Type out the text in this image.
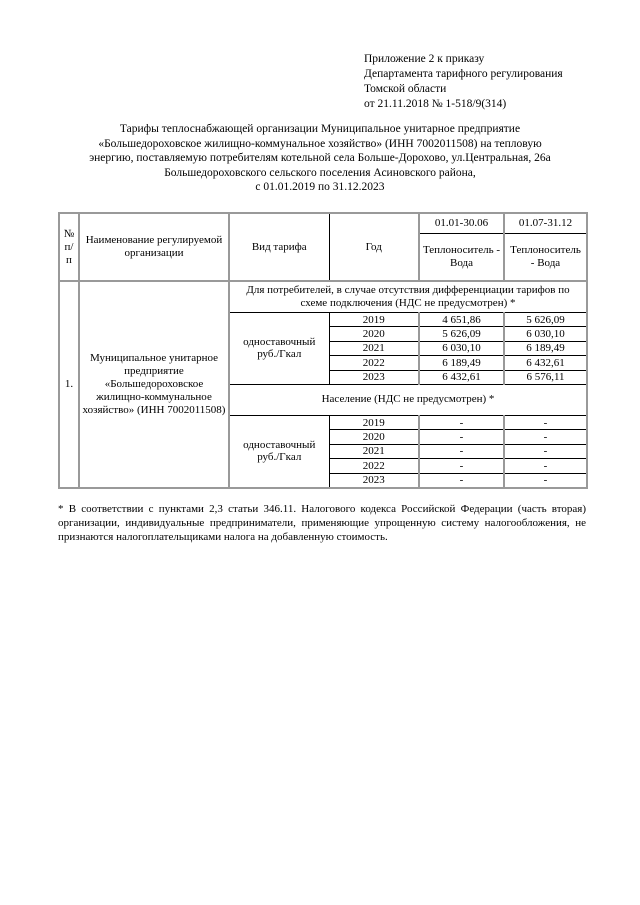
Приложение 2 к приказу
Департамента тарифного регулирования
Томской области
от 21.11.2018 № 1-518/9(314)
Тарифы теплоснабжающей организации Муниципальное унитарное предприятие
«Большедороховское жилищно-коммунальное хозяйство» (ИНН 7002011508) на тепловую
энергию, поставляемую потребителям котельной села Больше-Дорохово, ул.Центральная, 26а
Большедороховского сельского поселения Асиновского района,
с 01.01.2019 по 31.12.2023
№ п/ п	Наименование регулируемой организации	Вид тарифа	Год	01.01-30.06	01.07-31.12
				Теплоноситель - Вода	Теплоноситель - Вода
1.	Муниципальное унитарное предприятие «Большедороховское жилищно-коммунальное хозяйство» (ИНН 7002011508)	Для потребителей, в случае отсутствия дифференциации тарифов по схеме подключения (НДС не предусмотрен) *			
		одноставочный руб./Гкал	2019	4 651,86	5 626,09
			2020	5 626,09	6 030,10
			2021	6 030,10	6 189,49
			2022	6 189,49	6 432,61
			2023	6 432,61	6 576,11
		Население (НДС не предусмотрен) *			
		одноставочный руб./Гкал	2019	-	-
			2020	-	-
			2021	-	-
			2022	-	-
			2023	-	-
* В соответствии с пунктами 2,3 статьи 346.11. Налогового кодекса Российской Федерации (часть вторая) организации, индивидуальные предприниматели, применяющие упрощенную систему налогообложения, не признаются налогоплательщиками налога на добавленную стоимость.
